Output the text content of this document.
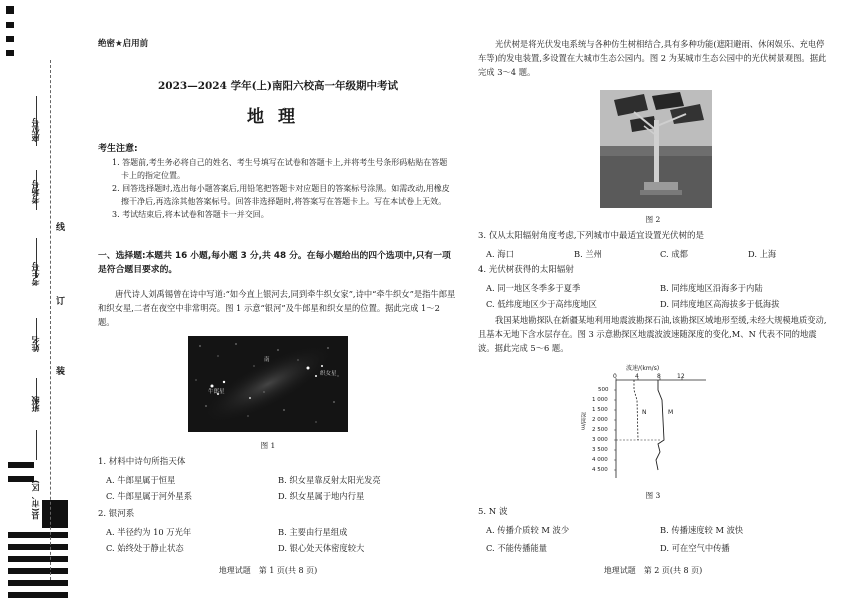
座位号
考场号
考生号
姓名
班级
县(市、区)
线
订
装
绝密★启用前
2023—2024 学年(上)南阳六校高一年级期中考试
地理
考生注意:

1. 答题前,考生务必将自己的姓名、考生号填写在试卷和答题卡上,并将考生号条形码粘贴在答题卡上的指定位置。

2. 回答选择题时,选出每小题答案后,用铅笔把答题卡对应题目的答案标号涂黑。如需改动,用橡皮擦干净后,再选涂其他答案标号。回答非选择题时,将答案写在答题卡上。写在本试卷上无效。

3. 考试结束后,将本试卷和答题卡一并交回。

一、选择题:本题共 16 小题,每小题 3 分,共 48 分。在每小题给出的四个选项中,只有一项是符合题目要求的。
唐代诗人刘禹锡曾在诗中写道:“如今直上银河去,同到牵牛织女家”,诗中“牵牛织女”是指牛郎星和织女星,二者在夜空中非常明亮。图 1 示意“银河”及牛郎星和织女星的位置。据此完成 1～2 题。
牛郎星
织女星
南
图 1
1. 材料中诗句所指天体
A. 牛郎星属于恒星	B. 织女星靠反射太阳光发亮
C. 牛郎星属于河外星系	D. 织女星属于地内行星
2. 银河系
A. 半径约为 10 万光年	B. 主要由行星组成
C. 始终处于静止状态	D. 银心处天体密度较大
地理试题　第 1 页(共 8 页)
光伏树是将光伏发电系统与各种仿生树相结合,具有多种功能(遮阳避雨、休闲娱乐、充电停车等)的发电装置,多设置在大城市生态公园内。图 2 为某城市生态公园中的光伏树景观图。据此完成 3～4 题。
图 2
3. 仅从太阳辐射角度考虑,下列城市中最适宜设置光伏树的是
A. 海口	B. 兰州	C. 成都	D. 上海
4. 光伏树获得的太阳辐射
A. 同一地区冬季多于夏季	B. 同纬度地区沿海多于内陆
C. 低纬度地区少于高纬度地区	D. 同纬度地区高海拔多于低海拔
我国某地勘探队在新疆某地利用地震波勘探石油,该勘探区域地形至缓,未经大规模地质变动,且基本无地下含水层存在。图 3 示意勘探区地震波波速随深度的变化,M、N 代表不同的地震波。据此完成 5～6 题。
波速/(km/s)
0	4	8	12
500
1 000
1 500
2 000
2 500
3 000
3 500
4 000
4 500
深度/m	N	M
图 3
5. N 波
A. 传播介质较 M 波少	B. 传播速度较 M 波快
C. 不能传播能量	D. 可在空气中传播
地理试题　第 2 页(共 8 页)
